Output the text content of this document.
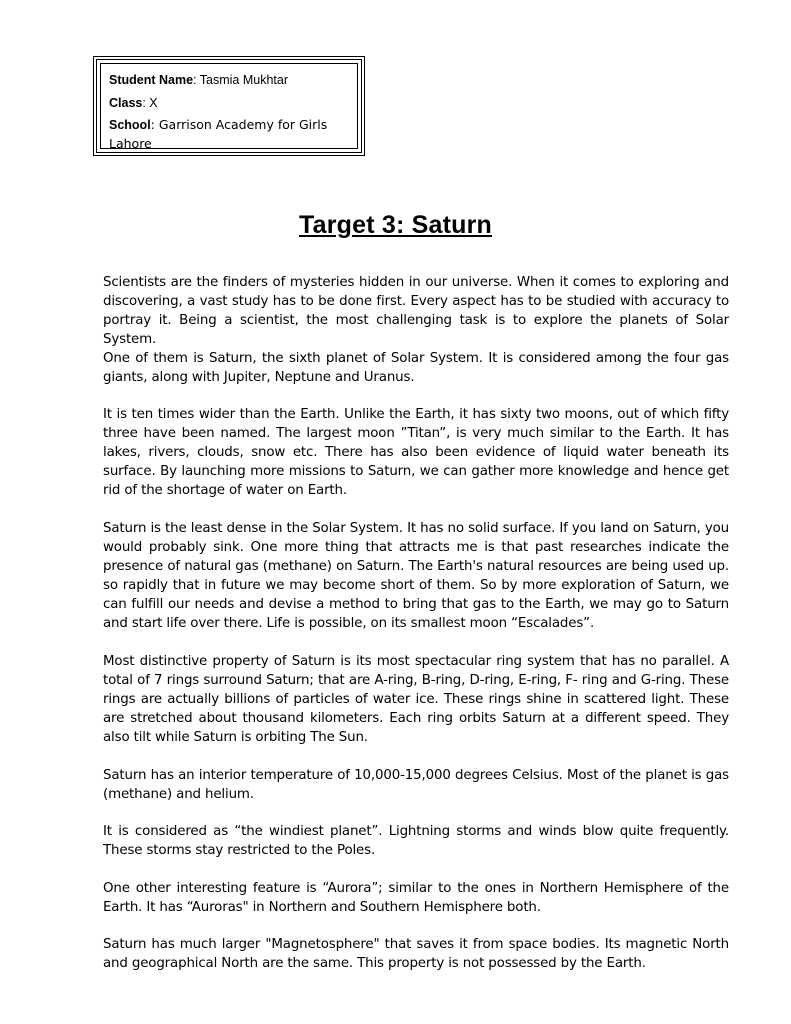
Student Name: Tasmia Mukhtar
Class: X
School: Garrison Academy for Girls
Lahore
Target 3: Saturn
Scientists are the finders of mysteries hidden in our universe. When it comes to exploring and discovering, a vast study has to be done first. Every aspect has to be studied with accuracy to portray it. Being a scientist, the most challenging task is to explore the planets of Solar System.
One of them is Saturn, the sixth planet of Solar System. It is considered among the four gas giants, along with Jupiter, Neptune and Uranus.
It is ten times wider than the Earth. Unlike the Earth, it has sixty two moons, out of which fifty three have been named. The largest moon ”Titan”, is very much similar to the Earth. It has lakes, rivers, clouds, snow etc. There has also been evidence of liquid water beneath its surface. By launching more missions to Saturn, we can gather more knowledge and hence get rid of the shortage of water on Earth.
Saturn is the least dense in the Solar System. It has no solid surface. If you land on Saturn, you would probably sink. One more thing that attracts me is that past researches indicate the presence of natural gas (methane) on Saturn. The Earth's natural resources are being used up. so rapidly that in future we may become short of them. So by more exploration of Saturn, we can fulfill our needs and devise a method to bring that gas to the Earth, we may go to Saturn and start life over there. Life is possible, on its smallest moon “Escalades”.
Most distinctive property of Saturn is its most spectacular ring system that has no parallel. A total of 7 rings surround Saturn; that are A-ring, B-ring, D-ring, E-ring, F- ring and G-ring. These rings are actually billions of particles of water ice. These rings shine in scattered light. These are stretched about thousand kilometers. Each ring orbits Saturn at a different speed. They also tilt while Saturn is orbiting The Sun.
Saturn has an interior temperature of 10,000-15,000 degrees Celsius. Most of the planet is gas (methane) and helium.
It is considered as “the windiest planet”. Lightning storms and winds blow quite frequently. These storms stay restricted to the Poles.
One other interesting feature is “Aurora”; similar to the ones in Northern Hemisphere of the Earth. It has “Auroras" in Northern and Southern Hemisphere both.
Saturn has much larger "Magnetosphere" that saves it from space bodies. Its magnetic North and geographical North are the same. This property is not possessed by the Earth.
